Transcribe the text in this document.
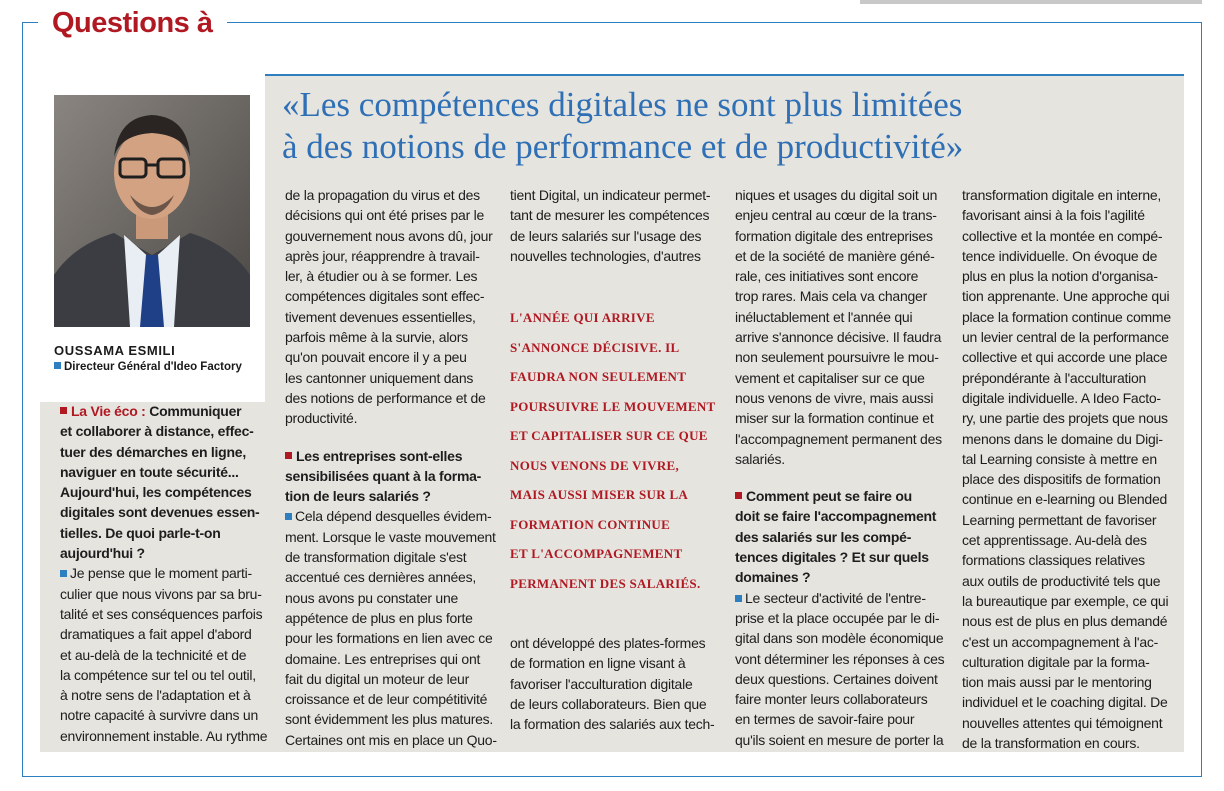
Questions à
OUSSAMA ESMILI
Directeur Général d'Ideo Factory
«Les compétences digitales ne sont plus limitées
à des notions de performance et de productivité»
La Vie éco : Communiquer
et collaborer à distance, effec-
tuer des démarches en ligne,
naviguer en toute sécurité...
Aujourd'hui, les compétences
digitales sont devenues essen-
tielles. De quoi parle-t-on
aujourd'hui ?
Je pense que le moment parti-
culier que nous vivons par sa bru-
talité et ses conséquences parfois
dramatiques a fait appel d'abord
et au-delà de la technicité et de
la compétence sur tel ou tel outil,
à notre sens de l'adaptation et à
notre capacité à survivre dans un
environnement instable. Au rythme
de la propagation du virus et des
décisions qui ont été prises par le
gouvernement nous avons dû, jour
après jour, réapprendre à travail-
ler, à étudier ou à se former. Les
compétences digitales sont effec-
tivement devenues essentielles,
parfois même à la survie, alors
qu'on pouvait encore il y a peu
les cantonner uniquement dans
des notions de performance et de
productivité.
Les entreprises sont-elles
sensibilisées quant à la forma-
tion de leurs salariés ?
Cela dépend desquelles évidem-
ment. Lorsque le vaste mouvement
de transformation digitale s'est
accentué ces dernières années,
nous avons pu constater une
appétence de plus en plus forte
pour les formations en lien avec ce
domaine. Les entreprises qui ont
fait du digital un moteur de leur
croissance et de leur compétitivité
sont évidemment les plus matures.
Certaines ont mis en place un Quo-
tient Digital, un indicateur permet-
tant de mesurer les compétences
de leurs salariés sur l'usage des
nouvelles technologies, d'autres
L'ANNÉE QUI ARRIVE
S'ANNONCE DÉCISIVE. IL
FAUDRA NON SEULEMENT
POURSUIVRE LE MOUVEMENT
ET CAPITALISER SUR CE QUE
NOUS VENONS DE VIVRE,
MAIS AUSSI MISER SUR LA
FORMATION CONTINUE
ET L'ACCOMPAGNEMENT
PERMANENT DES SALARIÉS.
ont développé des plates-formes
de formation en ligne visant à
favoriser l'acculturation digitale
de leurs collaborateurs. Bien que
la formation des salariés aux tech-
niques et usages du digital soit un
enjeu central au cœur de la trans-
formation digitale des entreprises
et de la société de manière géné-
rale, ces initiatives sont encore
trop rares. Mais cela va changer
inéluctablement et l'année qui
arrive s'annonce décisive. Il faudra
non seulement poursuivre le mou-
vement et capitaliser sur ce que
nous venons de vivre, mais aussi
miser sur la formation continue et
l'accompagnement permanent des
salariés.
Comment peut se faire ou
doit se faire l'accompagnement
des salariés sur les compé-
tences digitales ? Et sur quels
domaines ?
Le secteur d'activité de l'entre-
prise et la place occupée par le di-
gital dans son modèle économique
vont déterminer les réponses à ces
deux questions. Certaines doivent
faire monter leurs collaborateurs
en termes de savoir-faire pour
qu'ils soient en mesure de porter la
transformation digitale en interne,
favorisant ainsi à la fois l'agilité
collective et la montée en compé-
tence individuelle. On évoque de
plus en plus la notion d'organisa-
tion apprenante. Une approche qui
place la formation continue comme
un levier central de la performance
collective et qui accorde une place
prépondérante à l'acculturation
digitale individuelle. A Ideo Facto-
ry, une partie des projets que nous
menons dans le domaine du Digi-
tal Learning consiste à mettre en
place des dispositifs de formation
continue en e-learning ou Blended
Learning permettant de favoriser
cet apprentissage. Au-delà des
formations classiques relatives
aux outils de productivité tels que
la bureautique par exemple, ce qui
nous est de plus en plus demandé
c'est un accompagnement à l'ac-
culturation digitale par la forma-
tion mais aussi par le mentoring
individuel et le coaching digital. De
nouvelles attentes qui témoignent
de la transformation en cours.
